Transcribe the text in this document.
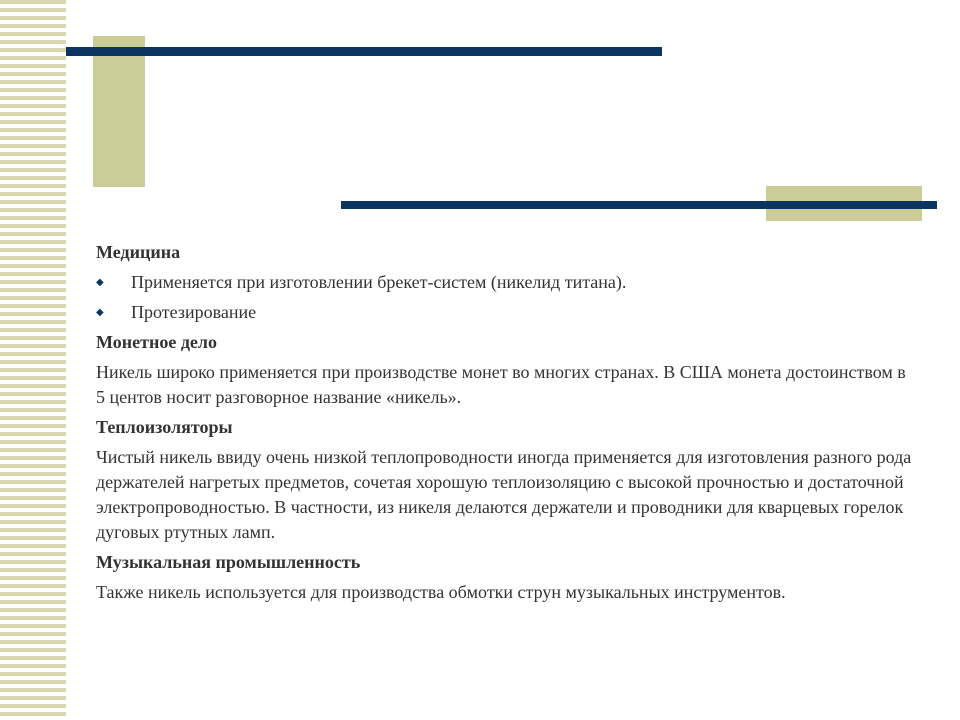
Медицина
◆ Применяется при изготовлении брекет-систем (никелид титана).
◆ Протезирование
Монетное дело
Никель широко применяется при производстве монет во многих странах. В США монета достоинством в 5 центов носит разговорное название «никель».
Теплоизоляторы
Чистый никель ввиду очень низкой теплопроводности иногда применяется для изготовления разного рода держателей нагретых предметов, сочетая хорошую теплоизоляцию с высокой прочностью и достаточной электропроводностью. В частности, из никеля делаются держатели и проводники для кварцевых горелок дуговых ртутных ламп.
Музыкальная промышленность
Также никель используется для производства обмотки струн музыкальных инструментов.
